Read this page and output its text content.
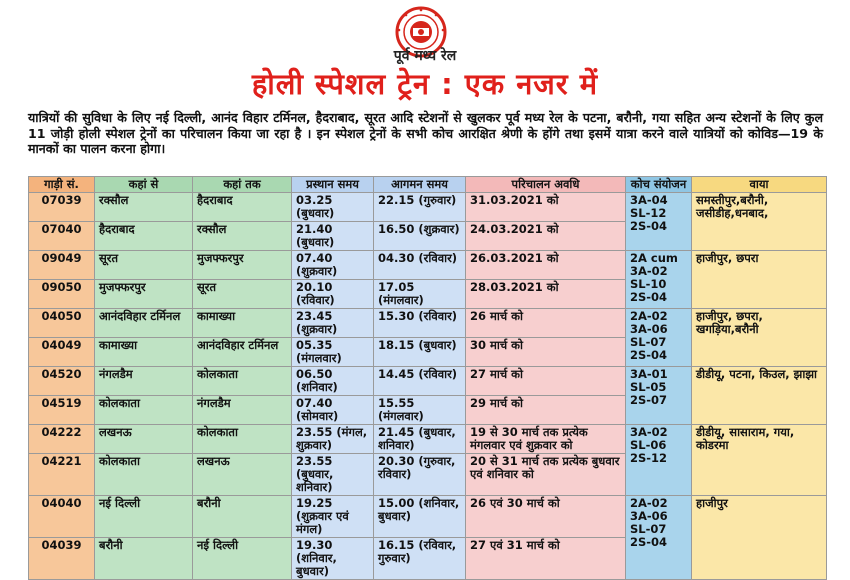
पूर्व मध्य रेल
होली स्पेशल ट्रेन : एक नजर में
यात्रियों की सुविधा के लिए नई दिल्ली, आनंद विहार टर्मिनल, हैदराबाद, सूरत आदि स्टेशनों से खुलकर पूर्व मध्य रेल के पटना, बरौनी, गया सहित अन्य स्टेशनों के लिए कुल 11 जोड़ी होली स्पेशल ट्रेनों का परिचालन किया जा रहा है । इन स्पेशल ट्रेनों के सभी कोच आरक्षित श्रेणी के होंगे तथा इसमें यात्रा करने वाले यात्रियों को कोविड—19 के मानकों का पालन करना होगा।
गाड़ी सं.	कहां से	कहां तक	प्रस्थान समय	आगमन समय	परिचालन अवधि	कोच संयोजन	वाया
07039	रक्सौल	हैदराबाद	03.25 (बुधवार)	22.15 (गुरुवार)	31.03.2021 को	3A-04 SL-12 2S-04	समस्तीपुर,बरौनी, जसीडीह,धनबाद,
07040	हैदराबाद	रक्सौल	21.40 (बुधवार)	16.50 (शुक्रवार)	24.03.2021 को		
09049	सूरत	मुजफ्फरपुर	07.40 (शुक्रवार)	04.30 (रविवार)	26.03.2021 को	2A cum 3A-02 SL-10 2S-04	हाजीपुर, छपरा
09050	मुजफ्फरपुर	सूरत	20.10 (रविवार)	17.05 (मंगलवार)	28.03.2021 को		
04050	आनंदविहार टर्मिनल	कामाख्या	23.45 (शुक्रवार)	15.30 (रविवार)	26 मार्च को	2A-02 3A-06 SL-07 2S-04	हाजीपुर, छपरा, खगड़िया,बरौनी
04049	कामाख्या	आनंदविहार टर्मिनल	05.35 (मंगलवार)	18.15 (बुधवार)	30 मार्च को		
04520	नंगलडैम	कोलकाता	06.50 (शनिवार)	14.45 (रविवार)	27 मार्च को	3A-01 SL-05 2S-07	डीडीयू, पटना, किउल, झाझा
04519	कोलकाता	नंगलडैम	07.40 (सोमवार)	15.55 (मंगलवार)	29 मार्च को		
04222	लखनऊ	कोलकाता	23.55 (मंगल, शुक्रवार)	21.45 (बुधवार, शनिवार)	19 से 30 मार्च तक प्रत्येक मंगलवार एवं शुक्रवार को	3A-02 SL-06 2S-12	डीडीयू, सासाराम, गया, कोडरमा
04221	कोलकाता	लखनऊ	23.55 (बुधवार, शनिवार)	20.30 (गुरुवार, रविवार)	20 से 31 मार्च तक प्रत्येक बुधवार एवं शनिवार को		
04040	नई दिल्ली	बरौनी	19.25 (शुक्रवार एवं मंगल)	15.00 (शनिवार, बुधवार)	26 एवं 30 मार्च को	2A-02 3A-06 SL-07 2S-04	हाजीपुर
04039	बरौनी	नई दिल्ली	19.30 (शनिवार, बुधवार)	16.15 (रविवार, गुरुवार)	27 एवं 31 मार्च को		
